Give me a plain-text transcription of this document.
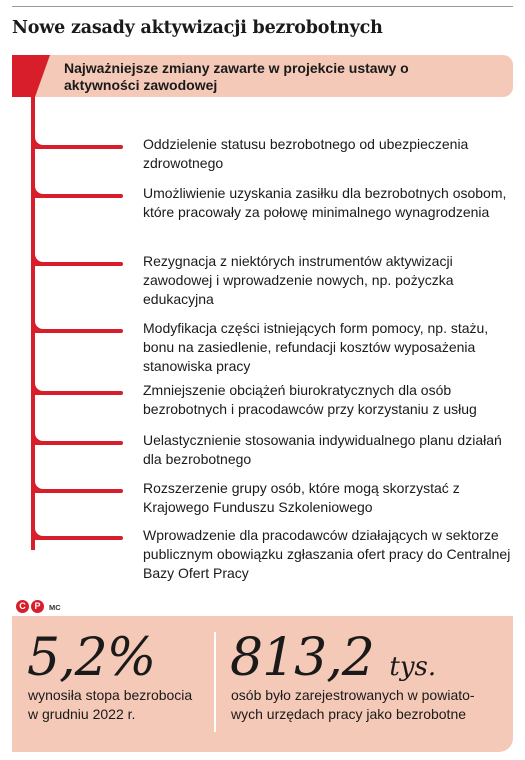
Nowe zasady aktywizacji bezrobotnych
Najważniejsze zmiany zawarte w projekcie ustawy o aktywności zawodowej
Oddzielenie statusu bezrobotnego od ubezpieczenia zdrowotnego
Umożliwienie uzyskania zasiłku dla bezrobotnych osobom, które pracowały za połowę minimalnego wynagrodzenia
Rezygnacja z niektórych instrumentów aktywizacji zawodowej i wprowadzenie nowych, np. pożyczka edukacyjna
Modyfikacja części istniejących form pomocy, np. stażu, bonu na zasiedlenie, refundacji kosztów wyposażenia stanowiska pracy
Zmniejszenie obciążeń biurokratycznych dla osób bezrobotnych i pracodawców przy korzystaniu z usług
Uelastycznienie stosowania indywidualnego planu działań dla bezrobotnego
Rozszerzenie grupy osób, które mogą skorzystać z Krajowego Funduszu Szkoleniowego
Wprowadzenie dla pracodawców działających w sektorze publicznym obowiązku zgłaszania ofert pracy do Centralnej Bazy Ofert Pracy
C P	MC
5,2%
wynosiła stopa bezrobocia
w grudniu 2022 r.
813,2 tys.
osób było zarejestrowanych w powiato-
wych urzędach pracy jako bezrobotne
